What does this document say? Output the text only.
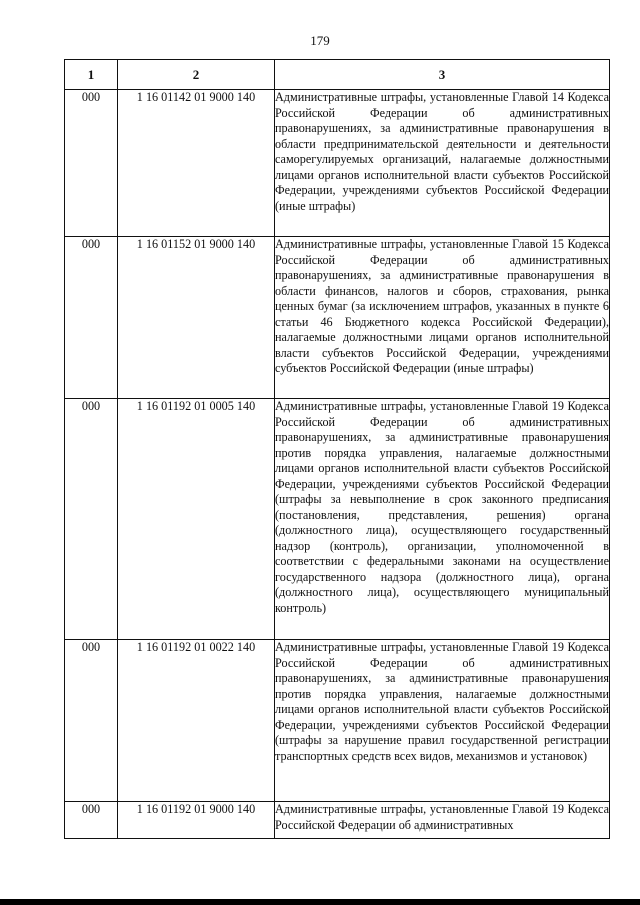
179
1	2	3
000	1 16 01142 01 9000 140	Административные штрафы, установленные Главой 14 Кодекса Российской Федерации об административных правонарушениях, за административные правонарушения в области предпринимательской деятельности и деятельности саморегулируемых организаций, налагаемые должностными лицами органов исполнительной власти субъектов Российской Федерации, учреждениями субъектов Российской Федерации (иные штрафы)
000	1 16 01152 01 9000 140	Административные штрафы, установленные Главой 15 Кодекса Российской Федерации об административных правонарушениях, за административные правонарушения в области финансов, налогов и сборов, страхования, рынка ценных бумаг (за исключением штрафов, указанных в пункте 6 статьи 46 Бюджетного кодекса Российской Федерации), налагаемые должностными лицами органов исполнительной власти субъектов Российской Федерации, учреждениями субъектов Российской Федерации (иные штрафы)
000	1 16 01192 01 0005 140	Административные штрафы, установленные Главой 19 Кодекса Российской Федерации об административных правонарушениях, за административные правонарушения против порядка управления, налагаемые должностными лицами органов исполнительной власти субъектов Российской Федерации, учреждениями субъектов Российской Федерации (штрафы за невыполнение в срок законного предписания (постановления, представления, решения) органа (должностного лица), осуществляющего государственный надзор (контроль), организации, уполномоченной в соответствии с федеральными законами на осуществление государственного надзора (должностного лица), органа (должностного лица), осуществляющего муниципальный контроль)
000	1 16 01192 01 0022 140	Административные штрафы, установленные Главой 19 Кодекса Российской Федерации об административных правонарушениях, за административные правонарушения против порядка управления, налагаемые должностными лицами органов исполнительной власти субъектов Российской Федерации, учреждениями субъектов Российской Федерации (штрафы за нарушение правил государственной регистрации транспортных средств всех видов, механизмов и установок)
000	1 16 01192 01 9000 140	Административные штрафы, установленные Главой 19 Кодекса Российской Федерации об административных
